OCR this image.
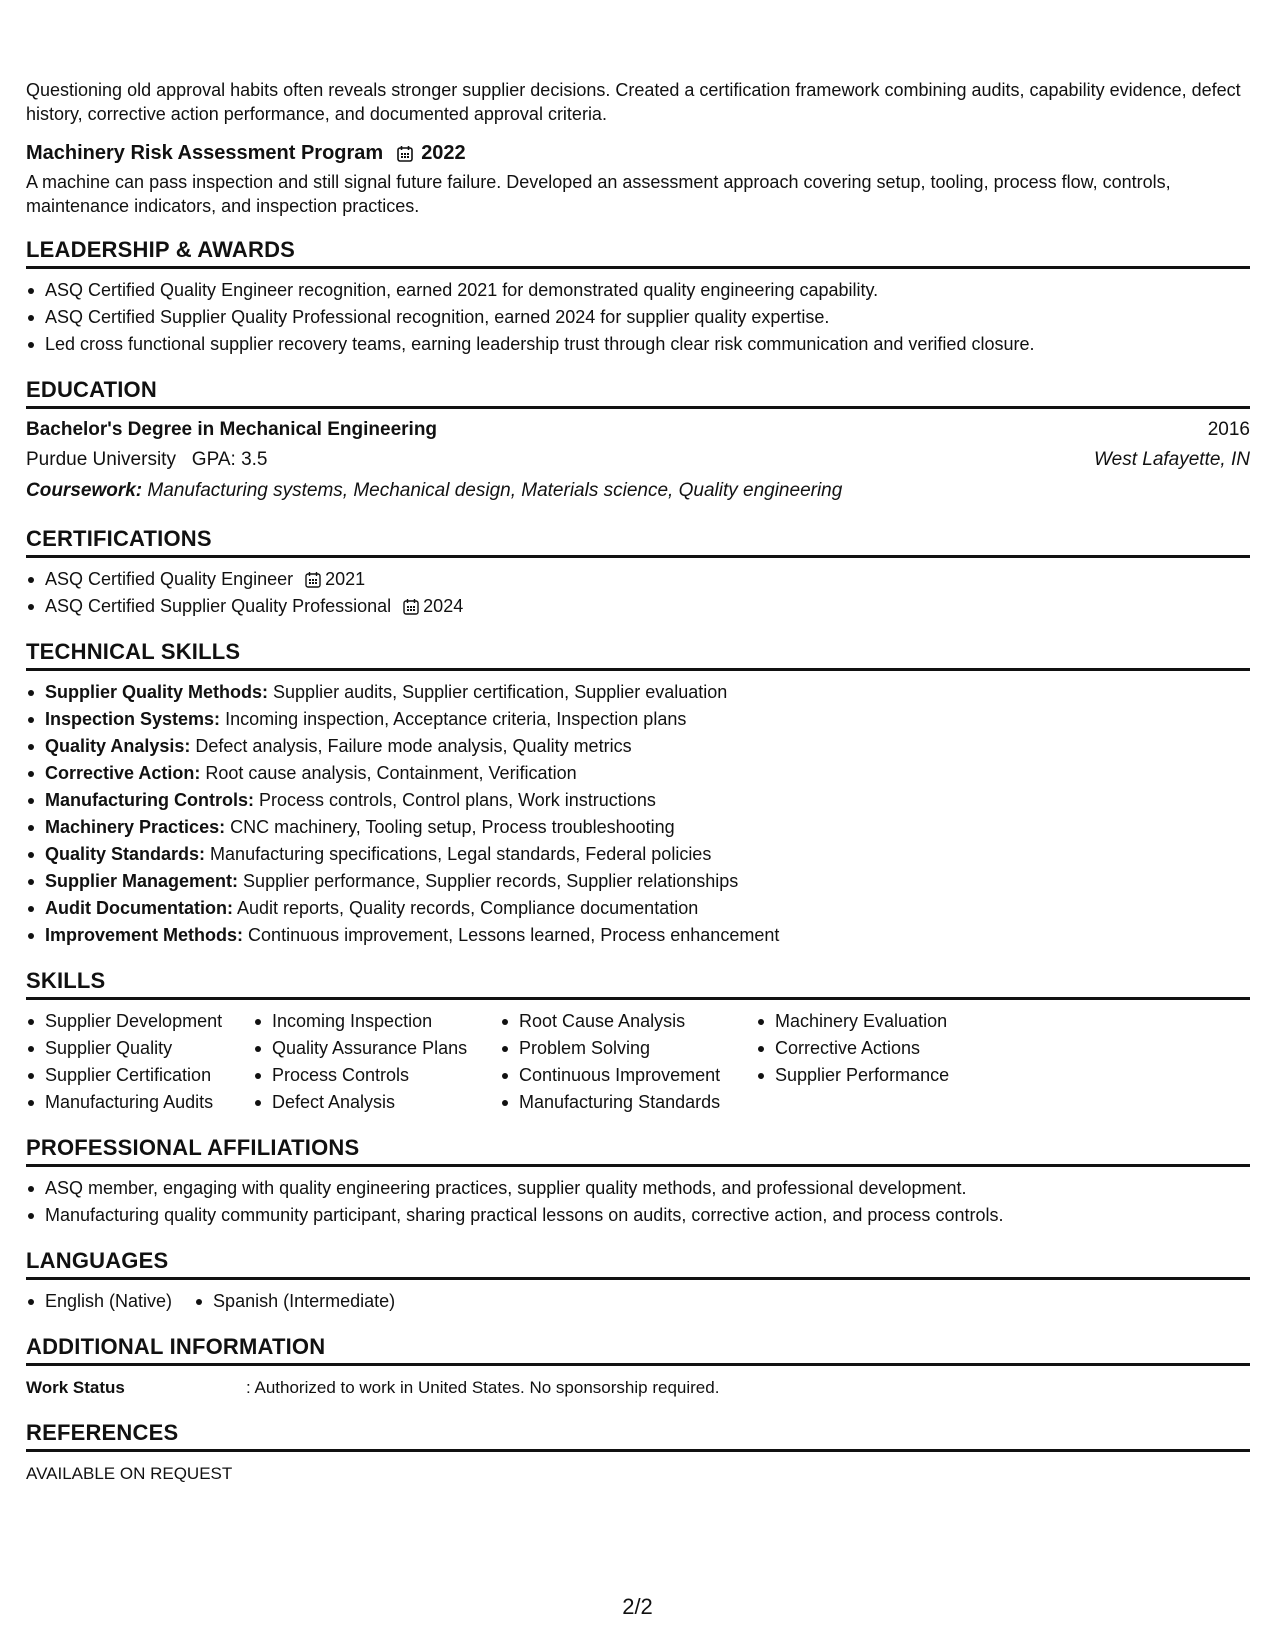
Questioning old approval habits often reveals stronger supplier decisions. Created a certification framework combining audits, capability evidence, defect history, corrective action performance, and documented approval criteria.

Machinery Risk Assessment Program 2022

A machine can pass inspection and still signal future failure. Developed an assessment approach covering setup, tooling, process flow, controls, maintenance indicators, and inspection practices.

LEADERSHIP & AWARDS
ASQ Certified Quality Engineer recognition, earned 2021 for demonstrated quality engineering capability.
ASQ Certified Supplier Quality Professional recognition, earned 2024 for supplier quality expertise.
Led cross functional supplier recovery teams, earning leadership trust through clear risk communication and verified closure.
EDUCATION
Bachelor's Degree in Mechanical Engineering	2016
Purdue University GPA: 3.5	West Lafayette, IN
Coursework: Manufacturing systems, Mechanical design, Materials science, Quality engineering
CERTIFICATIONS
ASQ Certified Quality Engineer 2021
ASQ Certified Supplier Quality Professional 2024
TECHNICAL SKILLS
Supplier Quality Methods: Supplier audits, Supplier certification, Supplier evaluation
Inspection Systems: Incoming inspection, Acceptance criteria, Inspection plans
Quality Analysis: Defect analysis, Failure mode analysis, Quality metrics
Corrective Action: Root cause analysis, Containment, Verification
Manufacturing Controls: Process controls, Control plans, Work instructions
Machinery Practices: CNC machinery, Tooling setup, Process troubleshooting
Quality Standards: Manufacturing specifications, Legal standards, Federal policies
Supplier Management: Supplier performance, Supplier records, Supplier relationships
Audit Documentation: Audit reports, Quality records, Compliance documentation
Improvement Methods: Continuous improvement, Lessons learned, Process enhancement
SKILLS
Supplier Development
Supplier Quality
Supplier Certification
Manufacturing Audits
Incoming Inspection
Quality Assurance Plans
Process Controls
Defect Analysis
Root Cause Analysis
Problem Solving
Continuous Improvement
Manufacturing Standards
Machinery Evaluation
Corrective Actions
Supplier Performance
PROFESSIONAL AFFILIATIONS
ASQ member, engaging with quality engineering practices, supplier quality methods, and professional development.
Manufacturing quality community participant, sharing practical lessons on audits, corrective action, and process controls.
LANGUAGES
English (Native)	Spanish (Intermediate)
ADDITIONAL INFORMATION
Work Status	: Authorized to work in United States. No sponsorship required.
REFERENCES
AVAILABLE ON REQUEST
2/2
